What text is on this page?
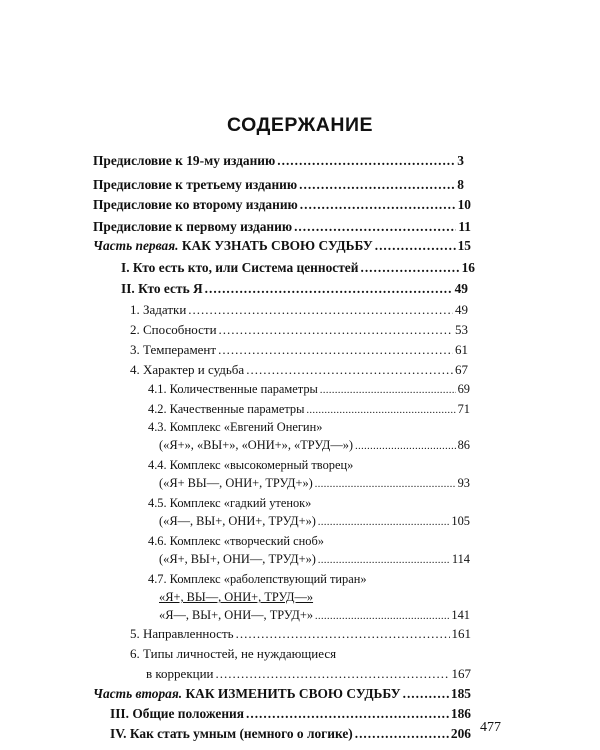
СОДЕРЖАНИЕ
Предисловие к 19-му изданию .....	3
Предисловие к третьему изданию .....	8
Предисловие ко второму изданию .....	10
Предисловие к первому изданию .....	11
Часть первая. КАК УЗНАТЬ СВОЮ СУДЬБУ .....	15
I. Кто есть кто, или Система ценностей .....	16
II. Кто есть Я .....	49
1. Задатки .....	49
2. Способности .....	53
3. Темперамент .....	61
4. Характер и судьба .....	67
4.1. Количественные параметры .....	69
4.2. Качественные параметры .....	71
4.3. Комплекс «Евгений Онегин»
(«Я+», «ВЫ+», «ОНИ+», «ТРУД—») .....	86
4.4. Комплекс «высокомерный творец»
(«Я+ ВЫ—, ОНИ+, ТРУД+») .....	93
4.5. Комплекс «гадкий утенок»
(«Я—, ВЫ+, ОНИ+, ТРУД+») .....	105
4.6. Комплекс «творческий сноб»
(«Я+, ВЫ+, ОНИ—, ТРУД+») .....	114
4.7. Комплекс «раболепствующий тиран»
«Я+, ВЫ—, ОНИ+, ТРУД—»
«Я—, ВЫ+, ОНИ—, ТРУД+» .....	141
5. Направленность .....	161
6. Типы личностей, не нуждающиеся
в коррекции .....	167
Часть вторая. КАК ИЗМЕНИТЬ СВОЮ СУДЬБУ .....	185
III. Общие положения .....	186
IV. Как стать умным (немного о логике) .....	206 477
